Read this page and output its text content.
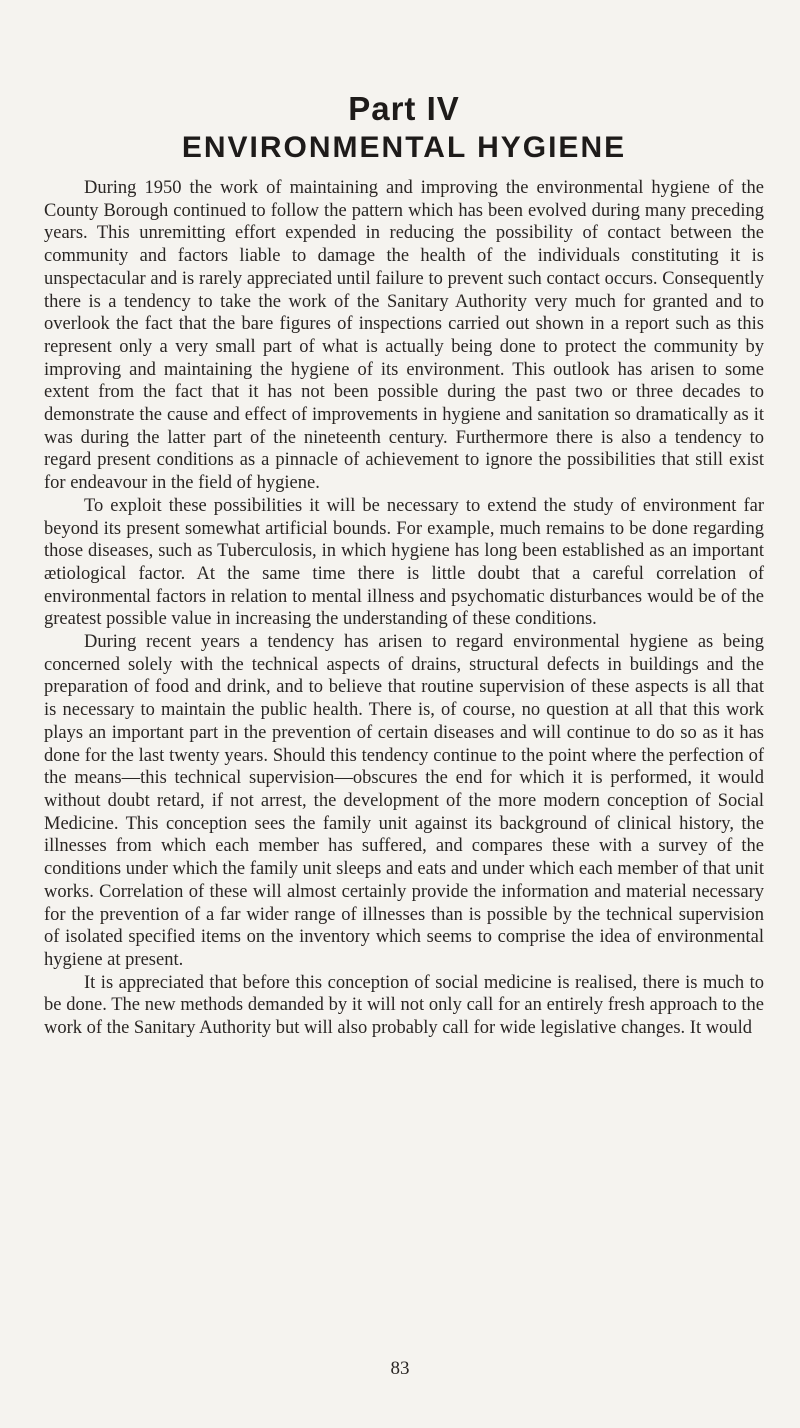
Part IV
ENVIRONMENTAL HYGIENE

During 1950 the work of maintaining and improving the environmental hygiene of the County Borough continued to follow the pattern which has been evolved during many preceding years. This unremitting effort expended in reducing the possibility of contact between the community and factors liable to damage the health of the individuals constituting it is unspectacular and is rarely appreciated until failure to prevent such contact occurs. Consequently there is a tendency to take the work of the Sanitary Authority very much for granted and to overlook the fact that the bare figures of inspections carried out shown in a report such as this represent only a very small part of what is actually being done to protect the community by improving and maintaining the hygiene of its environment. This outlook has arisen to some extent from the fact that it has not been possible during the past two or three decades to demonstrate the cause and effect of improvements in hygiene and sanitation so dramatically as it was during the latter part of the nineteenth century. Furthermore there is also a tendency to regard present conditions as a pinnacle of achievement to ignore the possibilities that still exist for endeavour in the field of hygiene.

To exploit these possibilities it will be necessary to extend the study of environment far beyond its present somewhat artificial bounds. For example, much remains to be done regarding those diseases, such as Tuberculosis, in which hygiene has long been established as an important ætiological factor. At the same time there is little doubt that a careful correlation of environmental factors in relation to mental illness and psychomatic disturbances would be of the greatest possible value in increasing the understanding of these conditions.

During recent years a tendency has arisen to regard environmental hygiene as being concerned solely with the technical aspects of drains, structural defects in buildings and the preparation of food and drink, and to believe that routine supervision of these aspects is all that is necessary to maintain the public health. There is, of course, no question at all that this work plays an important part in the prevention of certain diseases and will continue to do so as it has done for the last twenty years. Should this tendency continue to the point where the perfection of the means—this technical supervision—obscures the end for which it is performed, it would without doubt retard, if not arrest, the development of the more modern conception of Social Medicine. This conception sees the family unit against its background of clinical history, the illnesses from which each member has suffered, and compares these with a survey of the conditions under which the family unit sleeps and eats and under which each member of that unit works. Correlation of these will almost certainly provide the information and material necessary for the prevention of a far wider range of illnesses than is possible by the technical supervision of isolated specified items on the inventory which seems to comprise the idea of environmental hygiene at present.

It is appreciated that before this conception of social medicine is realised, there is much to be done. The new methods demanded by it will not only call for an entirely fresh approach to the work of the Sanitary Authority but will also probably call for wide legislative changes. It would

83
